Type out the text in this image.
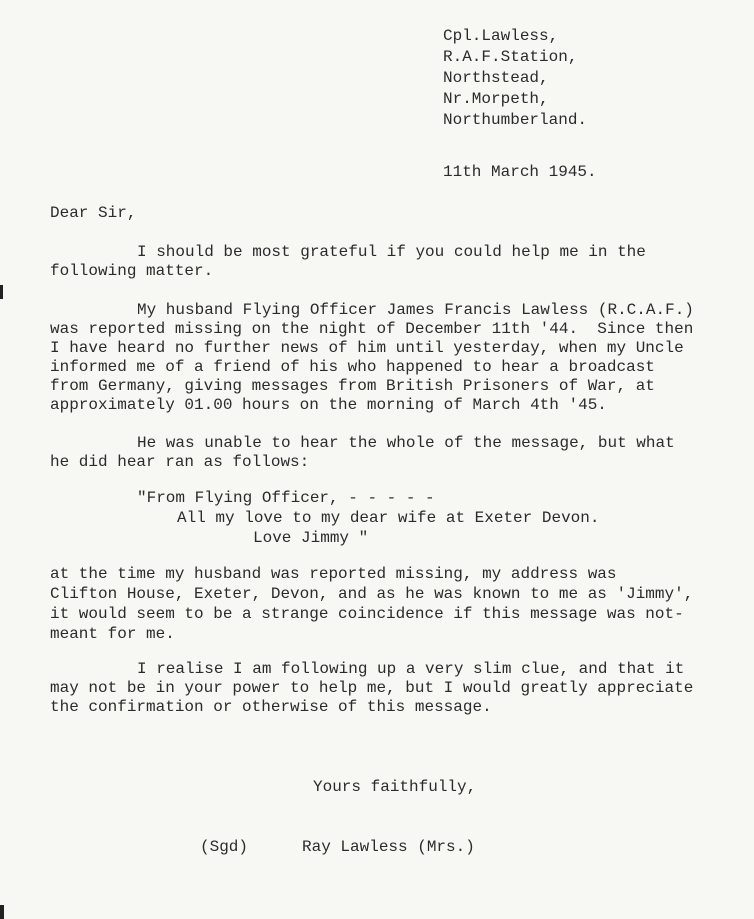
Cpl.Lawless,
R.A.F.Station,
Northstead,
Nr.Morpeth,
Northumberland.
11th March 1945.
Dear Sir,
I should be most grateful if you could help me in the
following matter.
My husband Flying Officer James Francis Lawless (R.C.A.F.)
was reported missing on the night of December 11th '44.  Since then
I have heard no further news of him until yesterday, when my Uncle
informed me of a friend of his who happened to hear a broadcast
from Germany, giving messages from British Prisoners of War, at
approximately 01.00 hours on the morning of March 4th '45.
He was unable to hear the whole of the message, but what
he did hear ran as follows:
"From Flying Officer, - - - - -
All my love to my dear wife at Exeter Devon.
Love Jimmy "
at the time my husband was reported missing, my address was
Clifton House, Exeter, Devon, and as he was known to me as 'Jimmy',
it would seem to be a strange coincidence if this message was not-
meant for me.
I realise I am following up a very slim clue, and that it
may not be in your power to help me, but I would greatly appreciate
the confirmation or otherwise of this message.
Yours faithfully,
(Sgd)	Ray Lawless (Mrs.)
